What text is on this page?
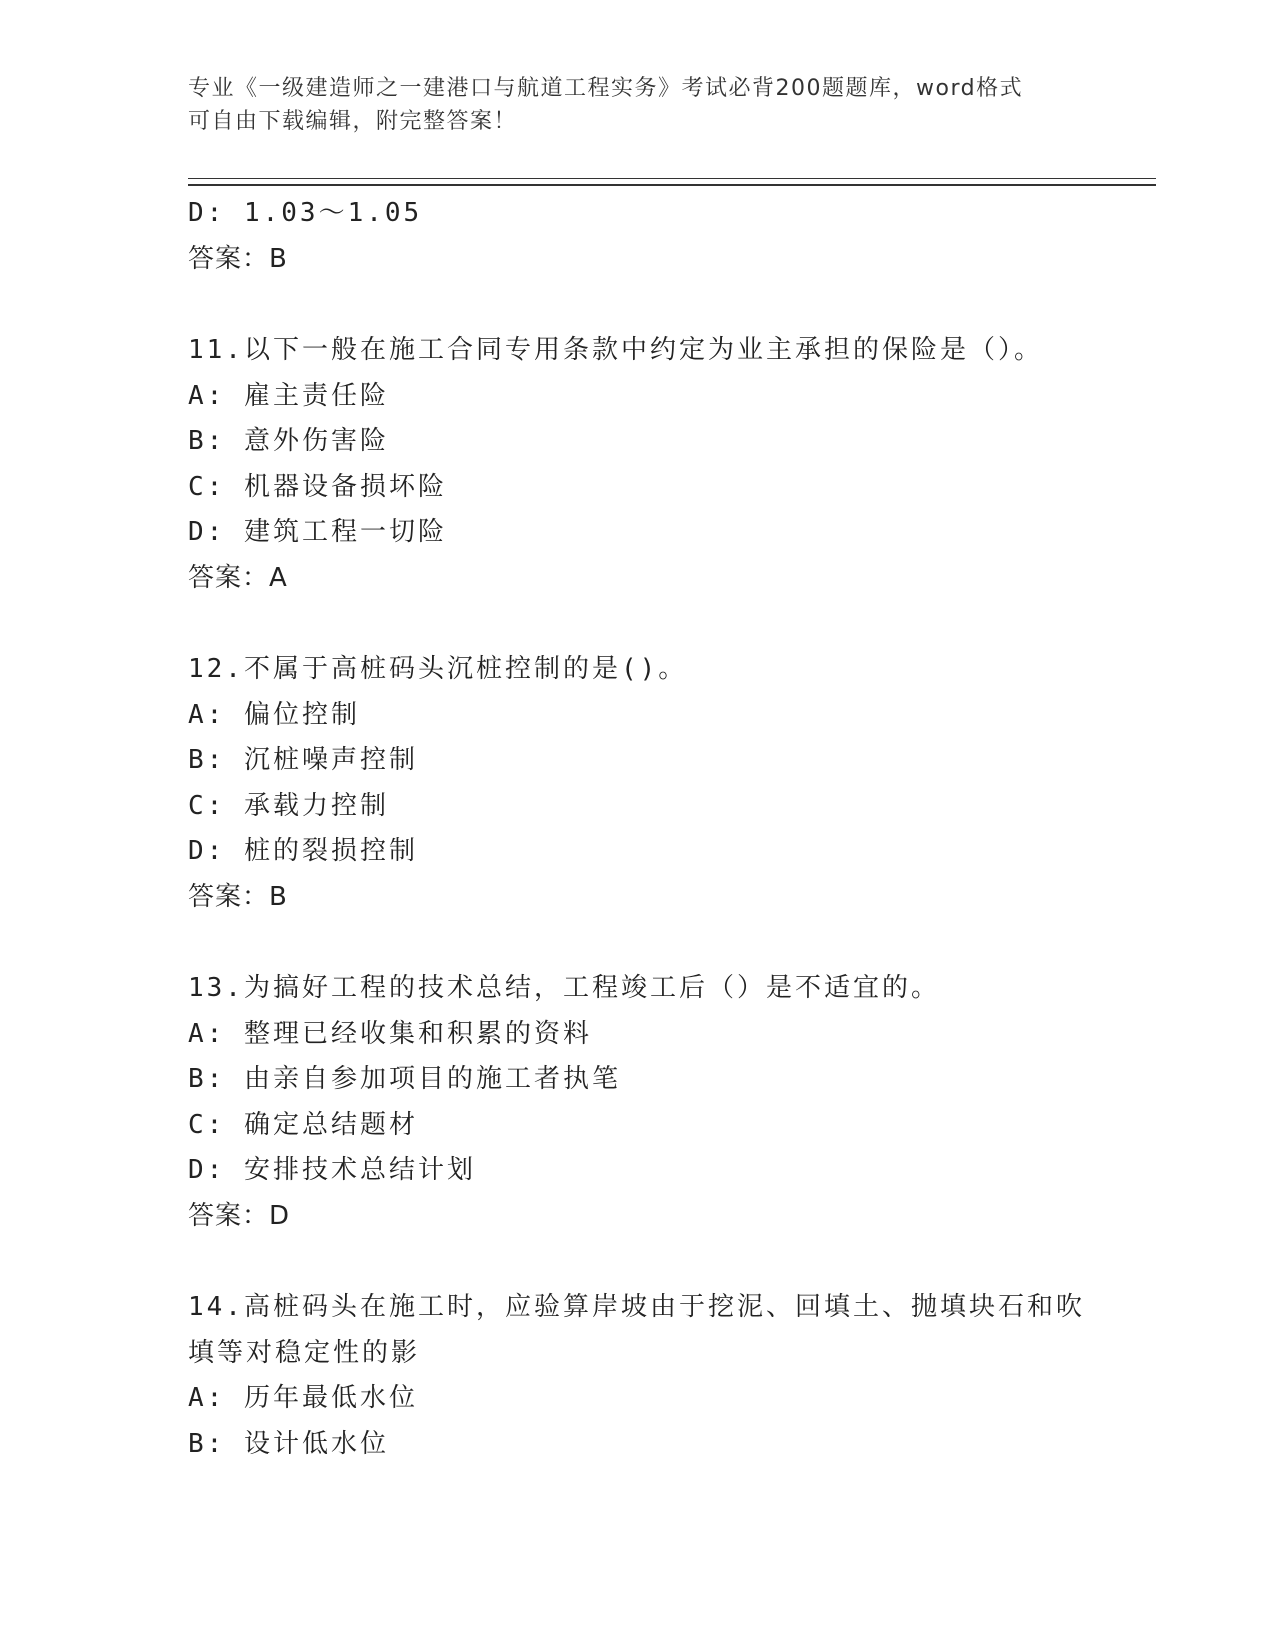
专业《一级建造师之一建港口与航道工程实务》考试必背200题题库，word格式
可自由下载编辑，附完整答案！
D: 1.03～1.05
答案：B
11.以下一般在施工合同专用条款中约定为业主承担的保险是（）。
A: 雇主责任险
B: 意外伤害险
C: 机器设备损坏险
D: 建筑工程一切险
答案：A
12.不属于高桩码头沉桩控制的是()。
A: 偏位控制
B: 沉桩噪声控制
C: 承载力控制
D: 桩的裂损控制
答案：B
13.为搞好工程的技术总结，工程竣工后（）是不适宜的。
A: 整理已经收集和积累的资料
B: 由亲自参加项目的施工者执笔
C: 确定总结题材
D: 安排技术总结计划
答案：D
14.高桩码头在施工时，应验算岸坡由于挖泥、回填土、抛填块石和吹
填等对稳定性的影
A: 历年最低水位
B: 设计低水位
